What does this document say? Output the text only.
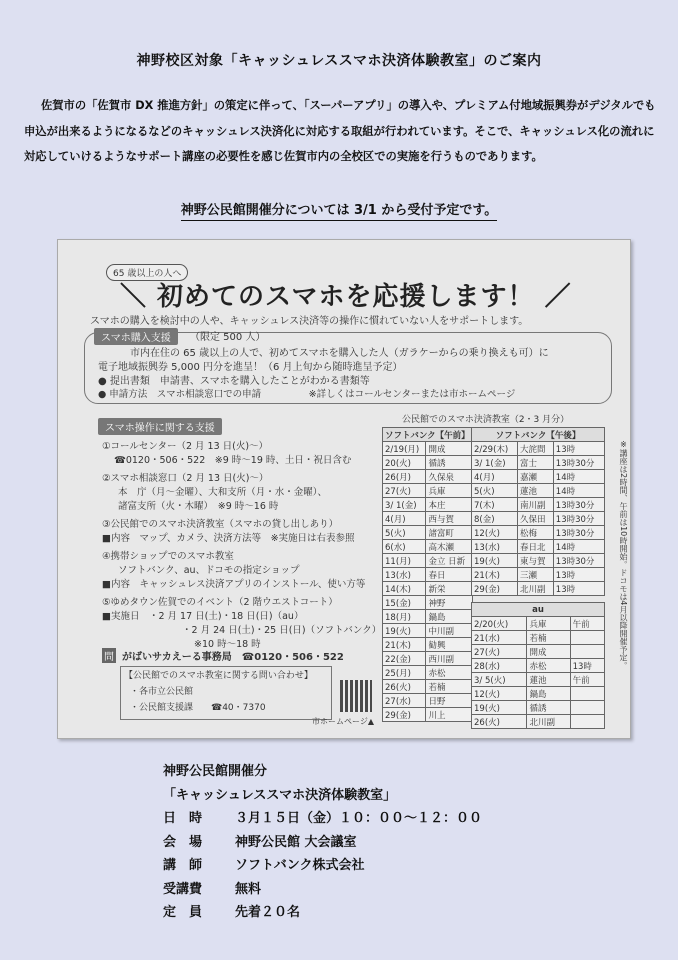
神野校区対象「キャッシュレススマホ決済体験教室」のご案内

佐賀市の「佐賀市 DX 推進方針」の策定に伴って、「スーパーアプリ」の導入や、プレミアム付地域振興券がデジタルでも申込が出来るようになるなどのキャッシュレス決済化に対応する取組が行われています。そこで、キャッシュレス化の流れに対応していけるようなサポート講座の必要性を感じ佐賀市内の全校区での実施を行うものであります。

神野公民館開催分については 3/1 から受付予定です。
65 歳以上の人へ
＼ 初めてのスマホを応援します！ ／
スマホの購入を検討中の人や、キャッシュレス決済等の操作に慣れていない人をサポートします。
スマホ購入支援	（限定 500 人）
市内在住の 65 歳以上の人で、初めてスマホを購入した人（ガラケーからの乗り換えも可）に
電子地域振興券 5,000 円分を進呈！（6 月上旬から随時進呈予定）
● 提出書類　申請書、スマホを購入したことがわかる書類等
● 申請方法　スマホ相談窓口での申請　　　　　※詳しくはコールセンターまたは市ホームページ
スマホ操作に関する支援
①コールセンター（2 月 13 日(火)〜）
☎0120・506・522　※9 時〜19 時、土日・祝日含む
②スマホ相談窓口（2 月 13 日(火)〜）
本　庁（月〜金曜）、大和支所（月・水・金曜）、
諸富支所（火・木曜）　※9 時〜16 時
③公民館でのスマホ決済教室（スマホの貸し出しあり）
■内容　マップ、カメラ、決済方法等　※実施日は右表参照
④携帯ショップでのスマホ教室
ソフトバンク、au、ドコモの指定ショップ
■内容　キャッシュレス決済アプリのインストール、使い方等
⑤ゆめタウン佐賀でのイベント（2 階ウエストコート）
■実施日　・2 月 17 日(土)・18 日(日)（au）
・2 月 24 日(土)・25 日(日)（ソフトバンク）
※10 時〜18 時
問 がばいサカえーる事務局　☎0120・506・522
【公民館でのスマホ教室に関する問い合わせ】
・各市立公民館
・公民館支援課　　☎40・7370
市ホームページ▲
公民館でのスマホ決済教室（2・3 月分）
ソフトバンク【午前】	
2/19(月)	開成
20(火)	循誘
26(月)	久保泉
27(火)	兵庫
3/ 1(金)	本庄
4(月)	西与賀
5(火)	諸富町
6(水)	高木瀬
11(月)	金立 日新
13(水)	春日
14(木)	新栄
15(金)	神野
18(月)	鍋島
19(火)	中川副
21(木)	勧興
22(金)	西川副
25(月)	赤松
26(火)	若楠
27(水)	日野
29(金)	川上
ソフトバンク【午後】		
2/29(木)	大詫間	13時
3/ 1(金)	富士	13時30分
4(月)	嘉瀬	14時
5(火)	蓮池	14時
7(木)	南川副	13時30分
8(金)	久保田	13時30分
12(火)	松梅	13時30分
13(水)	春日北	14時
19(火)	東与賀	13時30分
21(木)	三瀬	13時
29(金)	北川副	13時
au		
2/20(火)	兵庫	午前
21(水)	若楠	
27(火)	開成	
28(水)	赤松	13時
3/ 5(火)	蓮池	午前
12(火)	鍋島	
19(火)	循誘	
26(火)	北川副	
※講座は2時間、午前は10時開始。ドコモは4月以降開催予定。
神野公民館開催分
「キャッシュレススマホ決済体験教室」
日　時	３月１５日（金）１０：００〜１２：００
会　場	神野公民館 大会議室
講　師	ソフトバンク株式会社
受講費	無料
定　員	先着２０名
